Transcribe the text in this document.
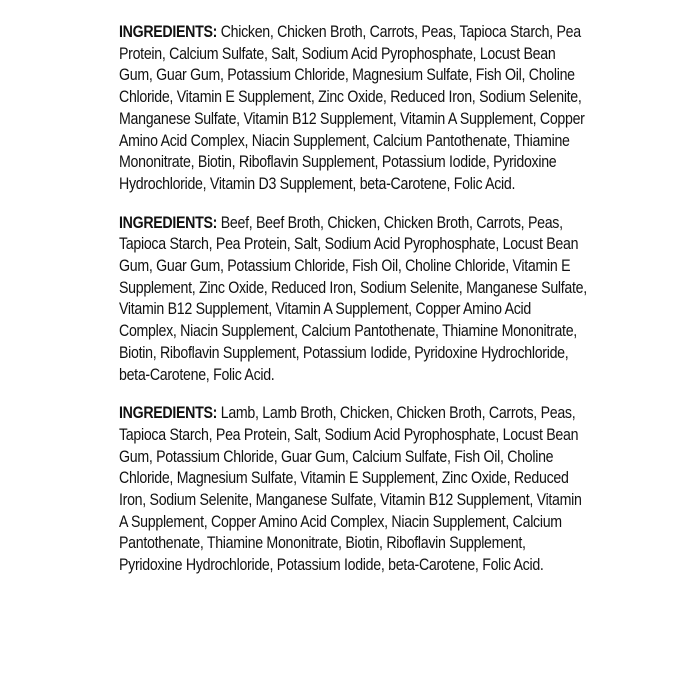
INGREDIENTS: Chicken, Chicken Broth, Carrots, Peas, Tapioca Starch, Pea Protein, Calcium Sulfate, Salt, Sodium Acid Pyrophosphate, Locust Bean Gum, Guar Gum, Potassium Chloride, Magnesium Sulfate, Fish Oil, Choline Chloride, Vitamin E Supplement, Zinc Oxide, Reduced Iron, Sodium Selenite, Manganese Sulfate, Vitamin B12 Supplement, Vitamin A Supplement, Copper Amino Acid Complex, Niacin Supplement, Calcium Pantothenate, Thiamine Mononitrate, Biotin, Riboflavin Supplement, Potassium Iodide, Pyridoxine Hydrochloride, Vitamin D3 Supplement, beta-Carotene, Folic Acid.

INGREDIENTS: Beef, Beef Broth, Chicken, Chicken Broth, Carrots, Peas, Tapioca Starch, Pea Protein, Salt, Sodium Acid Pyrophosphate, Locust Bean Gum, Guar Gum, Potassium Chloride, Fish Oil, Choline Chloride, Vitamin E Supplement, Zinc Oxide, Reduced Iron, Sodium Selenite, Manganese Sulfate, Vitamin B12 Supplement, Vitamin A Supplement, Copper Amino Acid Complex, Niacin Supplement, Calcium Pantothenate, Thiamine Mononitrate, Biotin, Riboflavin Supplement, Potassium Iodide, Pyridoxine Hydrochloride, beta-Carotene, Folic Acid.

INGREDIENTS: Lamb, Lamb Broth, Chicken, Chicken Broth, Carrots, Peas, Tapioca Starch, Pea Protein, Salt, Sodium Acid Pyrophosphate, Locust Bean Gum, Potassium Chloride, Guar Gum, Calcium Sulfate, Fish Oil, Choline Chloride, Magnesium Sulfate, Vitamin E Supplement, Zinc Oxide, Reduced Iron, Sodium Selenite, Manganese Sulfate, Vitamin B12 Supplement, Vitamin A Supplement, Copper Amino Acid Complex, Niacin Supplement, Calcium Pantothenate, Thiamine Mononitrate, Biotin, Riboflavin Supplement, Pyridoxine Hydrochloride, Potassium Iodide, beta-Carotene, Folic Acid.
